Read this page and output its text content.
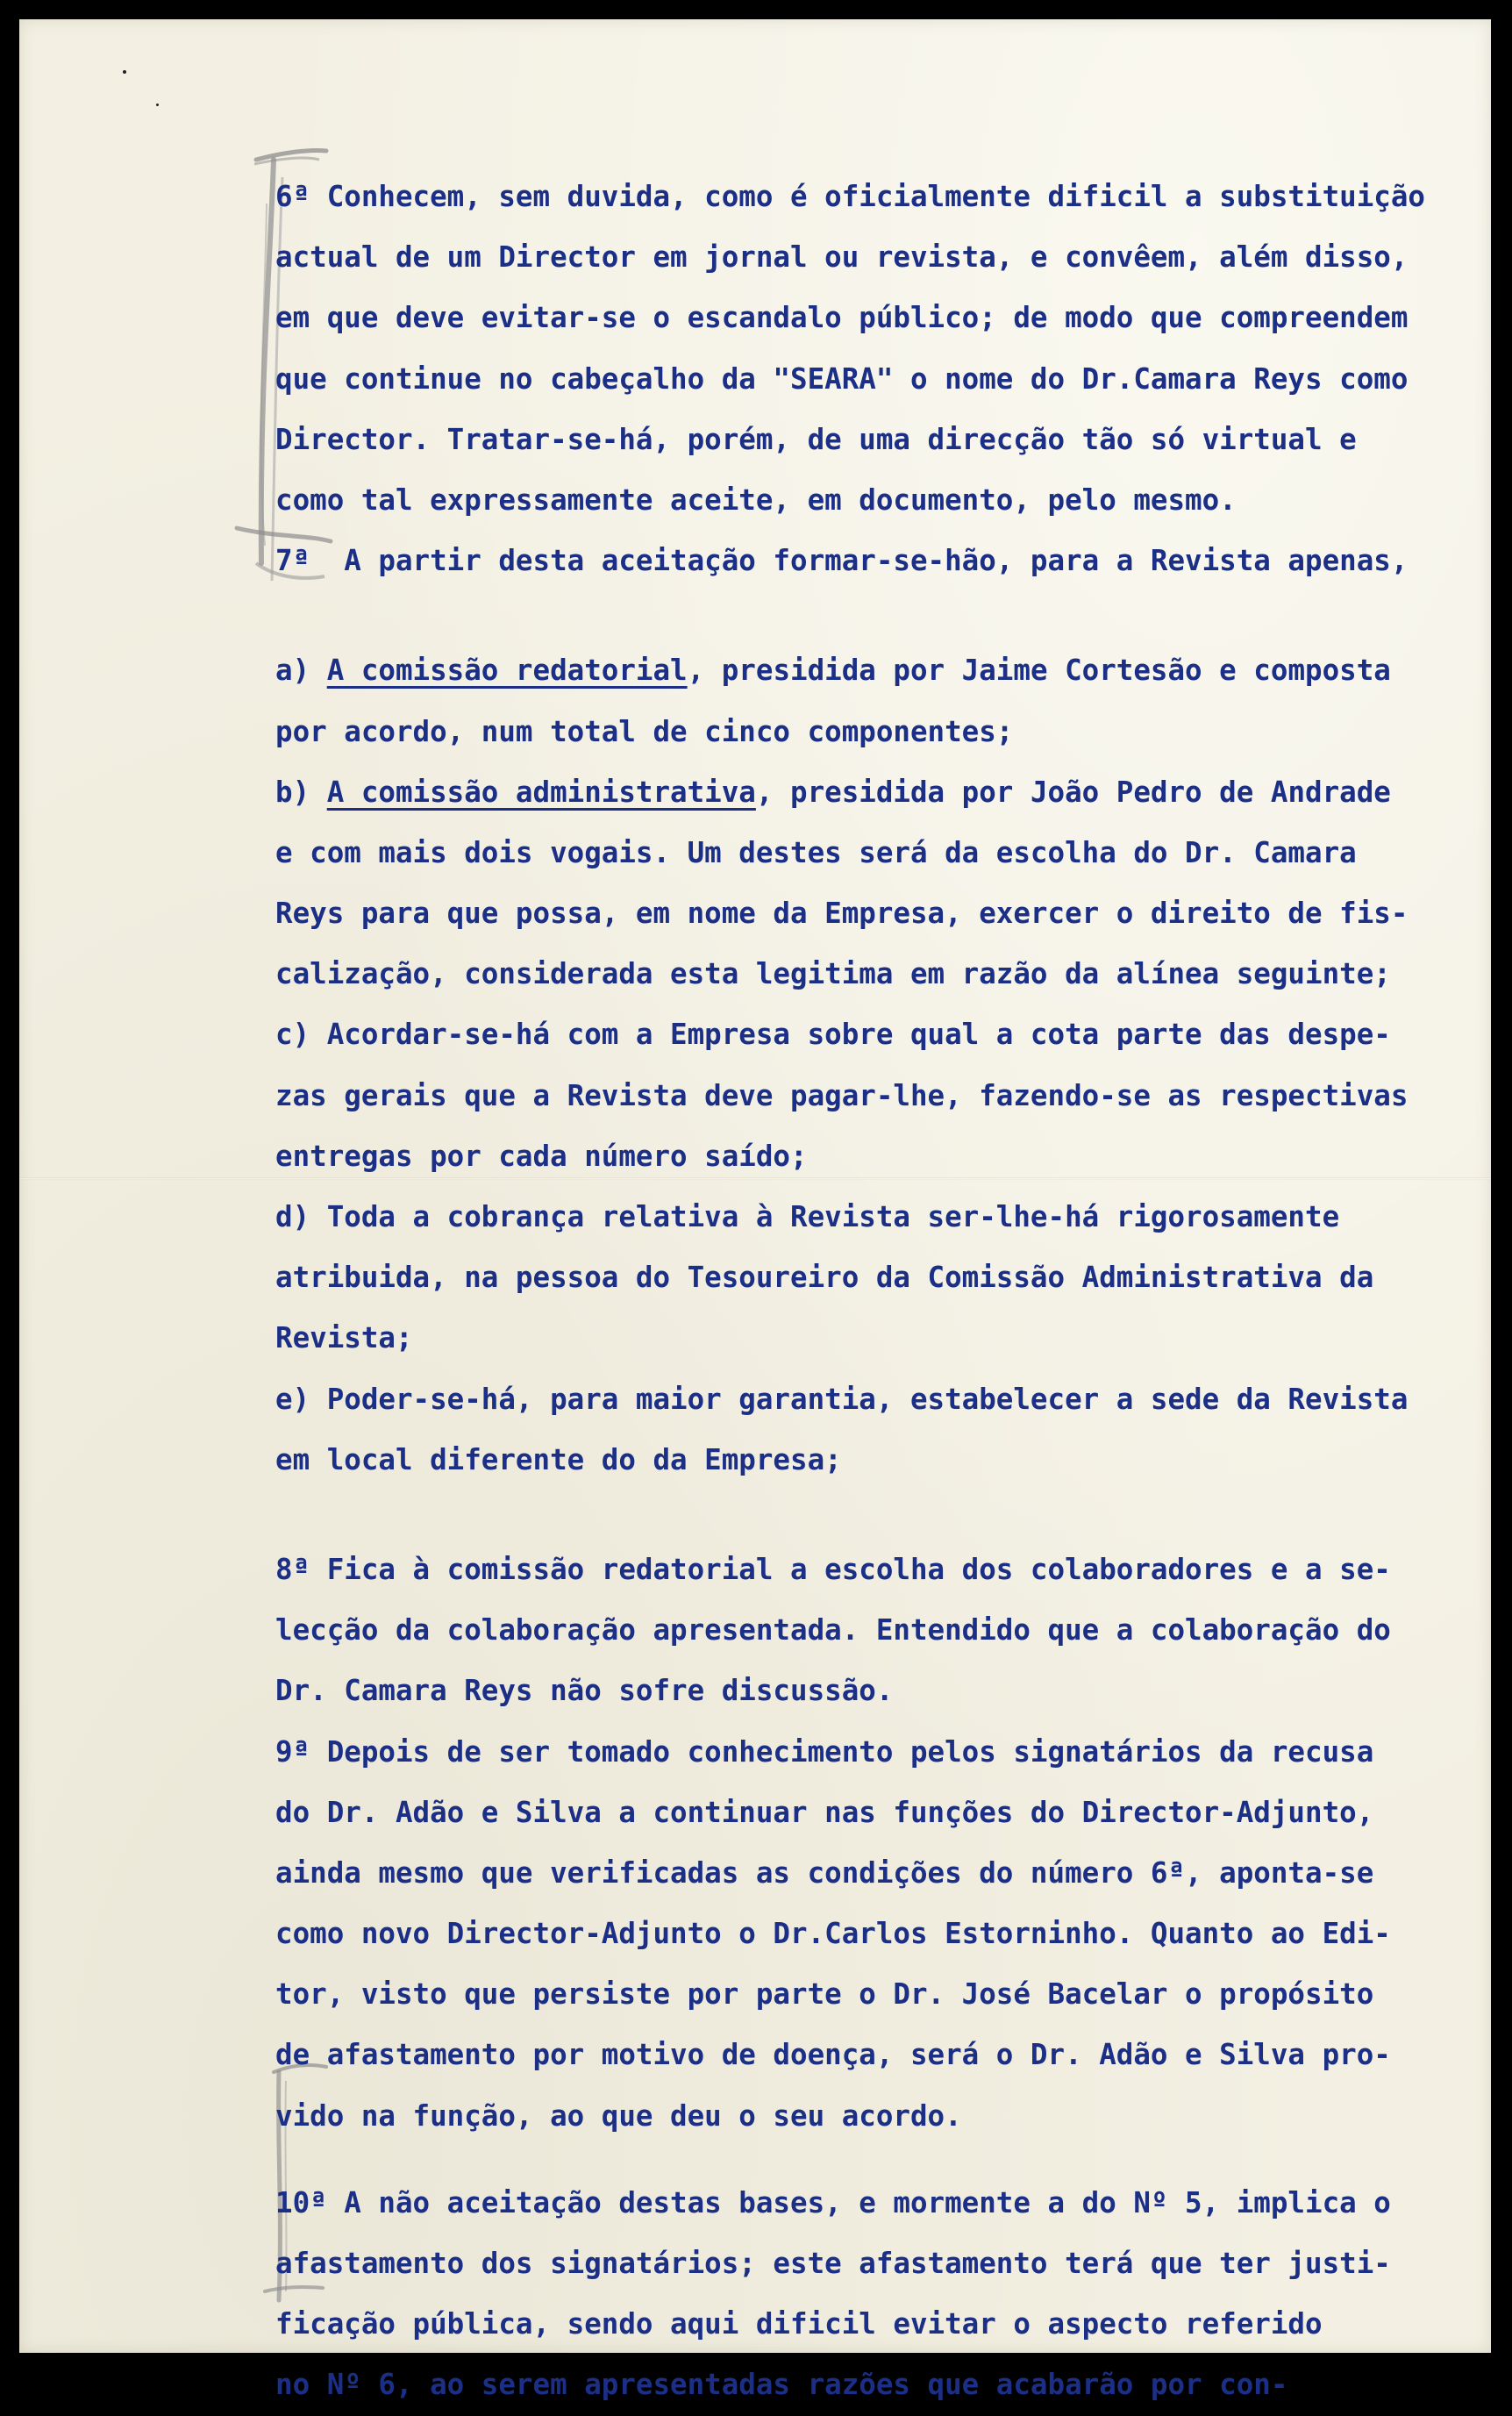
6ª Conhecem, sem duvida, como é oficialmente dificil a substituição
actual de um Director em jornal ou revista, e convêem, além disso,
em que deve evitar-se o escandalo público; de modo que compreendem
que continue no cabeçalho da "SEARA" o nome do Dr.Camara Reys como
Director. Tratar-se-há, porém, de uma direcção tão só virtual e
como tal expressamente aceite, em documento, pelo mesmo.
7ª  A partir desta aceitação formar-se-hão, para a Revista apenas,
a) A comissão redatorial, presidida por Jaime Cortesão e composta
por acordo, num total de cinco componentes;
b) A comissão administrativa, presidida por João Pedro de Andrade
e com mais dois vogais. Um destes será da escolha do Dr. Camara
Reys para que possa, em nome da Empresa, exercer o direito de fis-
calização, considerada esta legitima em razão da alínea seguinte;
c) Acordar-se-há com a Empresa sobre qual a cota parte das despe-
zas gerais que a Revista deve pagar-lhe, fazendo-se as respectivas
entregas por cada número saído;
d) Toda a cobrança relativa à Revista ser-lhe-há rigorosamente
atribuida, na pessoa do Tesoureiro da Comissão Administrativa da
Revista;
e) Poder-se-há, para maior garantia, estabelecer a sede da Revista
em local diferente do da Empresa;
8ª Fica à comissão redatorial a escolha dos colaboradores e a se-
lecção da colaboração apresentada. Entendido que a colaboração do
Dr. Camara Reys não sofre discussão.
9ª Depois de ser tomado conhecimento pelos signatários da recusa
do Dr. Adão e Silva a continuar nas funções do Director-Adjunto,
ainda mesmo que verificadas as condições do número 6ª, aponta-se
como novo Director-Adjunto o Dr.Carlos Estorninho. Quanto ao Edi-
tor, visto que persiste por parte o Dr. José Bacelar o propósito
de afastamento por motivo de doença, será o Dr. Adão e Silva pro-
vido na função, ao que deu o seu acordo.
10ª A não aceitação destas bases, e mormente a do Nº 5, implica o
afastamento dos signatários; este afastamento terá que ter justi-
ficação pública, sendo aqui dificil evitar o aspecto referido
no Nº 6, ao serem apresentadas razões que acabarão por con-
